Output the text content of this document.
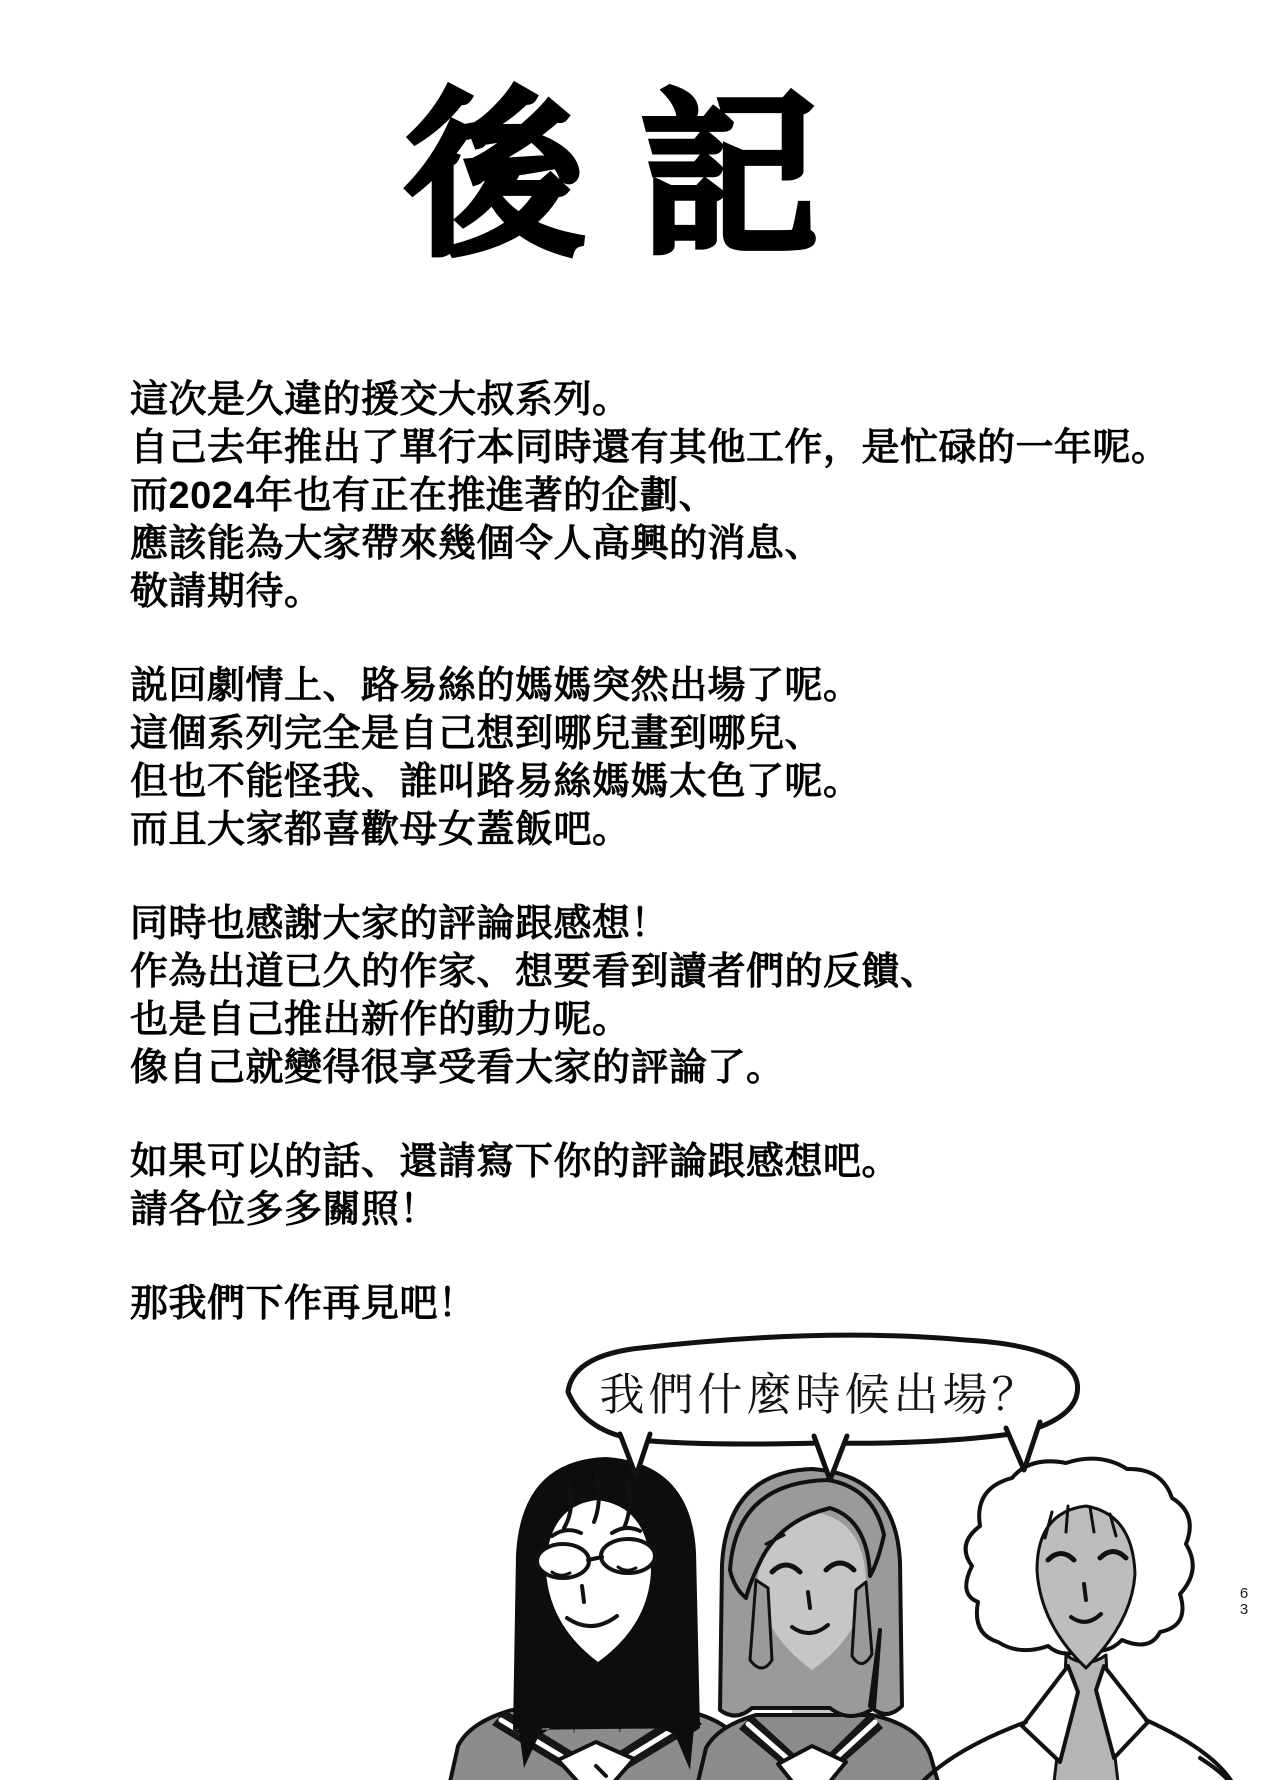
後記
這次是久違的援交大叔系列。
自己去年推出了單行本同時還有其他工作，是忙碌的一年呢。
而2024年也有正在推進著的企劃、
應該能為大家帶來幾個令人高興的消息、
敬請期待。
説回劇情上、路易絲的媽媽突然出場了呢。
這個系列完全是自己想到哪兒畫到哪兒、
但也不能怪我、誰叫路易絲媽媽太色了呢。
而且大家都喜歡母女蓋飯吧。
同時也感謝大家的評論跟感想！
作為出道已久的作家、想要看到讀者們的反饋、
也是自己推出新作的動力呢。
像自己就變得很享受看大家的評論了。
如果可以的話、還請寫下你的評論跟感想吧。
請各位多多關照！
那我們下作再見吧！
我們什麼時候出場？
6
3
